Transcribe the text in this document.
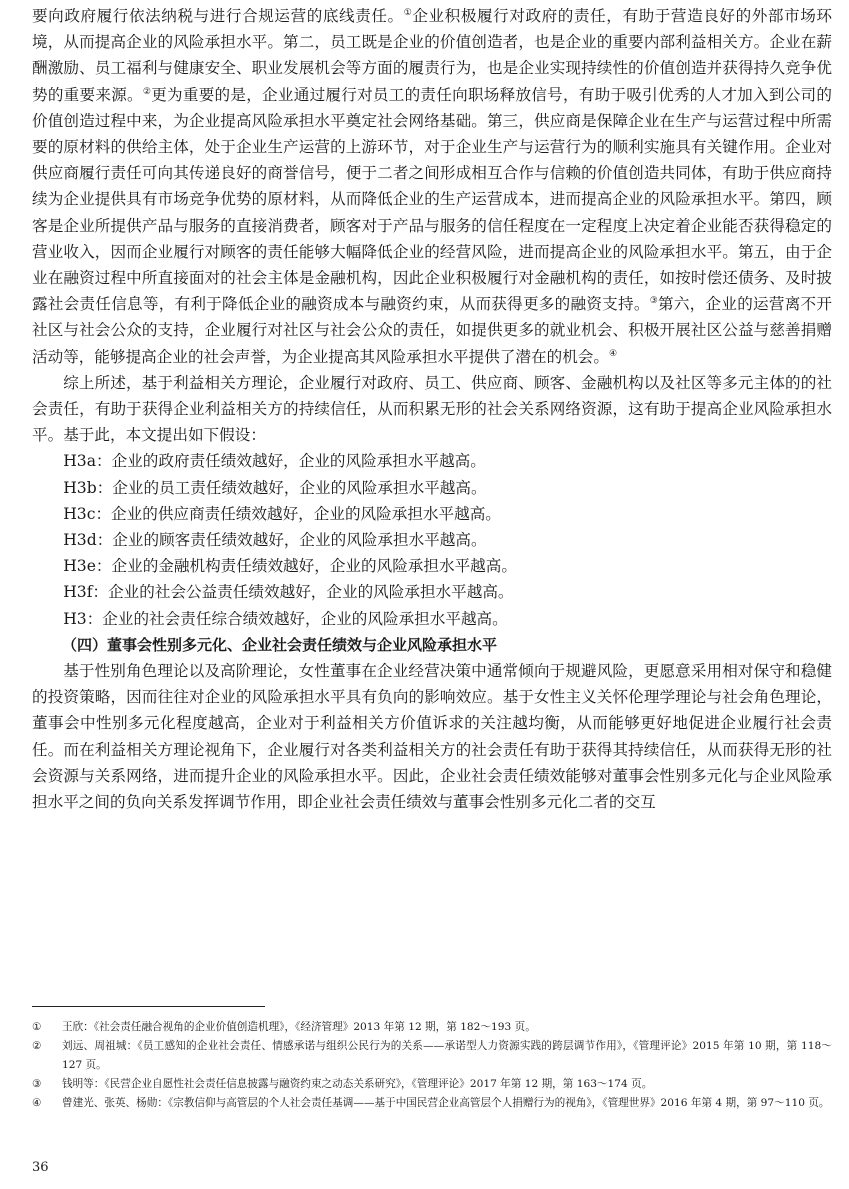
要向政府履行依法纳税与进行合规运营的底线责任。①企业积极履行对政府的责任，有助于营造良好的外部市场环境，从而提高企业的风险承担水平。第二，员工既是企业的价值创造者，也是企业的重要内部利益相关方。企业在薪酬激励、员工福利与健康安全、职业发展机会等方面的履责行为，也是企业实现持续性的价值创造并获得持久竞争优势的重要来源。②更为重要的是，企业通过履行对员工的责任向职场释放信号，有助于吸引优秀的人才加入到公司的价值创造过程中来，为企业提高风险承担水平奠定社会网络基础。第三，供应商是保障企业在生产与运营过程中所需要的原材料的供给主体，处于企业生产运营的上游环节，对于企业生产与运营行为的顺利实施具有关键作用。企业对供应商履行责任可向其传递良好的商誉信号，便于二者之间形成相互合作与信赖的价值创造共同体，有助于供应商持续为企业提供具有市场竞争优势的原材料，从而降低企业的生产运营成本，进而提高企业的风险承担水平。第四，顾客是企业所提供产品与服务的直接消费者，顾客对于产品与服务的信任程度在一定程度上决定着企业能否获得稳定的营业收入，因而企业履行对顾客的责任能够大幅降低企业的经营风险，进而提高企业的风险承担水平。第五，由于企业在融资过程中所直接面对的社会主体是金融机构，因此企业积极履行对金融机构的责任，如按时偿还债务、及时披露社会责任信息等，有利于降低企业的融资成本与融资约束，从而获得更多的融资支持。③第六，企业的运营离不开社区与社会公众的支持，企业履行对社区与社会公众的责任，如提供更多的就业机会、积极开展社区公益与慈善捐赠活动等，能够提高企业的社会声誉，为企业提高其风险承担水平提供了潜在的机会。④

综上所述，基于利益相关方理论，企业履行对政府、员工、供应商、顾客、金融机构以及社区等多元主体的的社会责任，有助于获得企业利益相关方的持续信任，从而积累无形的社会关系网络资源，这有助于提高企业风险承担水平。基于此，本文提出如下假设：

H3a：企业的政府责任绩效越好，企业的风险承担水平越高。

H3b：企业的员工责任绩效越好，企业的风险承担水平越高。

H3c：企业的供应商责任绩效越好，企业的风险承担水平越高。

H3d：企业的顾客责任绩效越好，企业的风险承担水平越高。

H3e：企业的金融机构责任绩效越好，企业的风险承担水平越高。

H3f：企业的社会公益责任绩效越好，企业的风险承担水平越高。

H3：企业的社会责任综合绩效越好，企业的风险承担水平越高。

（四）董事会性别多元化、企业社会责任绩效与企业风险承担水平

基于性别角色理论以及高阶理论，女性董事在企业经营决策中通常倾向于规避风险，更愿意采用相对保守和稳健的投资策略，因而往往对企业的风险承担水平具有负向的影响效应。基于女性主义关怀伦理学理论与社会角色理论，董事会中性别多元化程度越高，企业对于利益相关方价值诉求的关注越均衡，从而能够更好地促进企业履行社会责任。而在利益相关方理论视角下，企业履行对各类利益相关方的社会责任有助于获得其持续信任，从而获得无形的社会资源与关系网络，进而提升企业的风险承担水平。因此，企业社会责任绩效能够对董事会性别多元化与企业风险承担水平之间的负向关系发挥调节作用，即企业社会责任绩效与董事会性别多元化二者的交互

①	王欣：《社会责任融合视角的企业价值创造机理》，《经济管理》2013 年第 12 期，第 182～193 页。
②	刘远、周祖城：《员工感知的企业社会责任、情感承诺与组织公民行为的关系——承诺型人力资源实践的跨层调节作用》，《管理评论》2015 年第 10 期，第 118～127 页。
③	钱明等：《民营企业自愿性社会责任信息披露与融资约束之动态关系研究》，《管理评论》2017 年第 12 期，第 163～174 页。
④	曾建光、张英、杨勋：《宗教信仰与高管层的个人社会责任基调——基于中国民营企业高管层个人捐赠行为的视角》，《管理世界》2016 年第 4 期，第 97～110 页。
36
